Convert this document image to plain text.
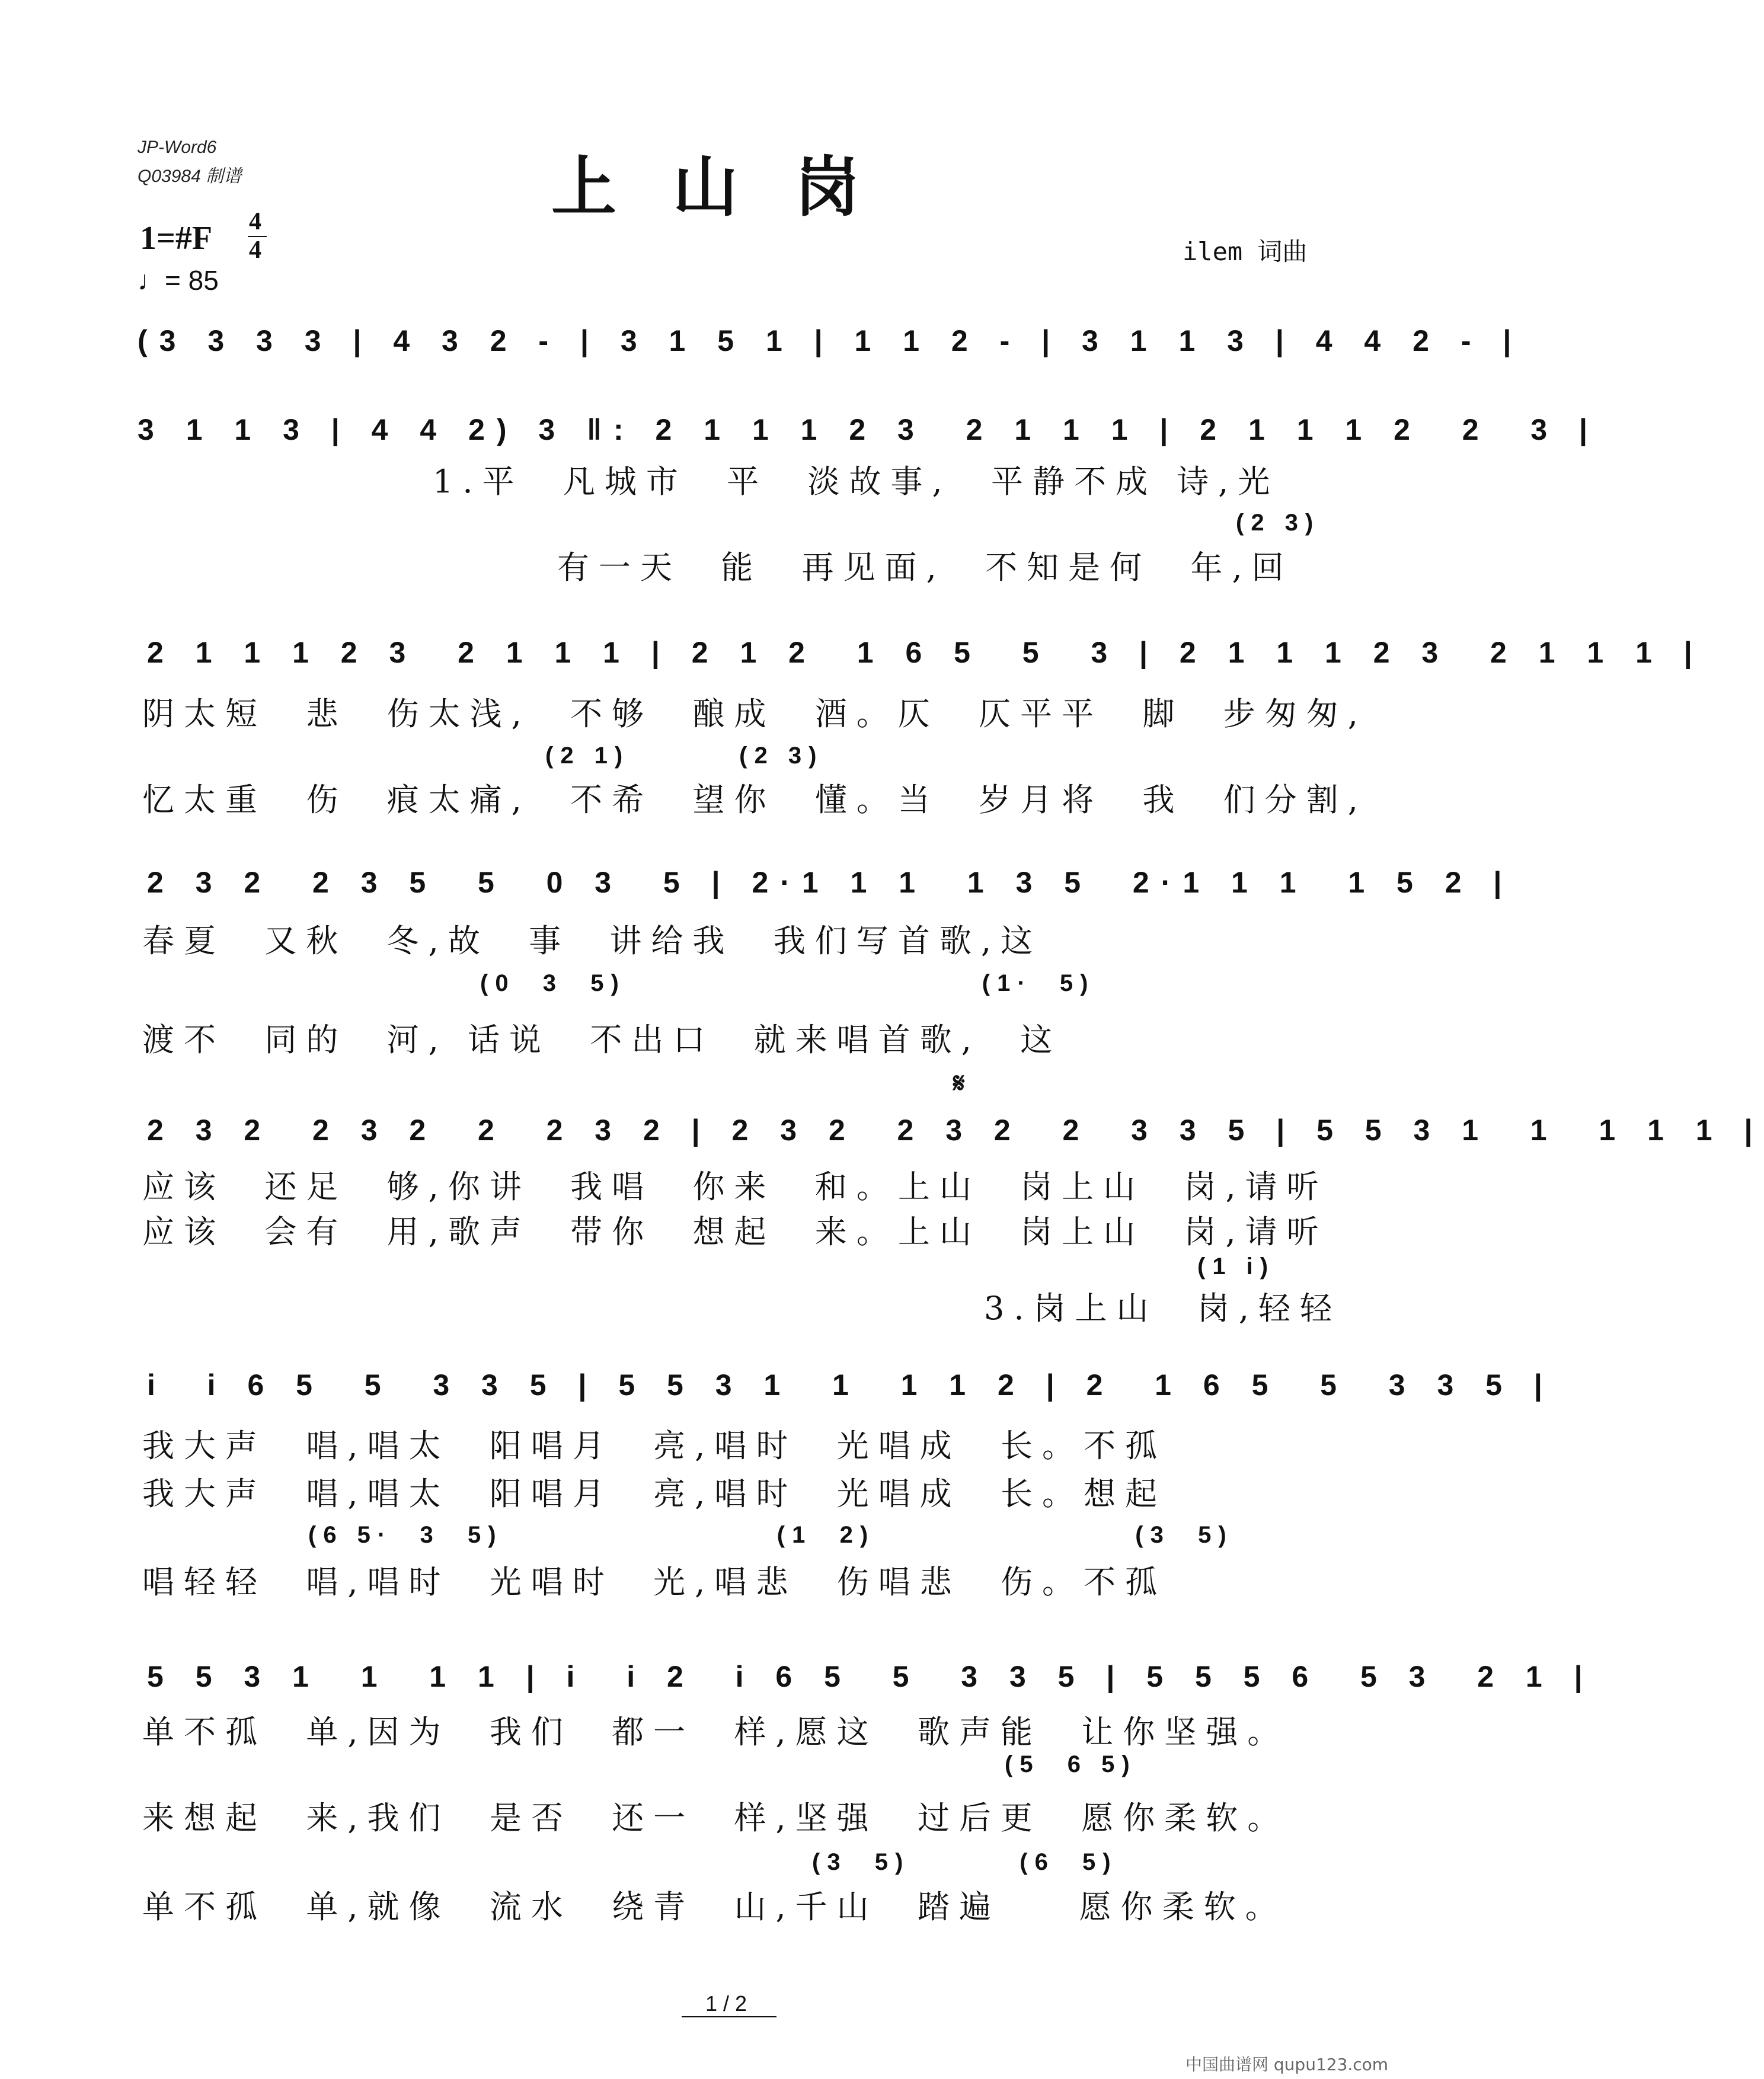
JP-Word6
Q03984 制谱	上山岗
1=#F 4
4
♩= 85
ilem 词曲
(3 3 3 3 | 4 3 2 - | 3 1 5 1 | 1 1 2 - | 3 1 1 3 | 4 4 2 - |
3 1 1 3 | 4 4 2) 3 ‖: 2 1 1 1 2 3  2 1 1 1 | 2 1 1 1 2  2  3 |
1.平  凡城市  平  淡故事,  平静不成 诗,光
(2 3)
有一天  能  再见面,  不知是何  年,回
2 1 1 1 2 3  2 1 1 1 | 2 1 2  1 6 5  5  3 | 2 1 1 1 2 3  2 1 1 1 |
阴太短  悲  伤太浅,  不够  酿成  酒。仄  仄平平  脚  步匆匆,
(2 1)        (2 3)
忆太重  伤  痕太痛,  不希  望你  懂。当  岁月将  我  们分割,
2 3 2  2 3 5  5  0 3  5 | 2·1 1 1  1 3 5  2·1 1 1  1 5 2 |
春夏  又秋  冬,故  事  讲给我  我们写首歌,这
(0  3  5)                          (1·  5)
渡不  同的  河, 话说  不出口  就来唱首歌,  这
𝄋
2 3 2  2 3 2  2  2 3 2 | 2 3 2  2 3 2  2  3 3 5 | 5 5 3 1  1  1 1 1 |
应该  还足  够,你讲  我唱  你来  和。上山  岗上山  岗,请听
应该  会有  用,歌声  带你  想起  来。上山  岗上山  岗,请听
(1 i)
3.岗上山  岗,轻轻
i  i 6 5  5  3 3 5 | 5 5 3 1  1  1 1 2 | 2  1 6 5  5  3 3 5 |
我大声  唱,唱太  阳唱月  亮,唱时  光唱成  长。不孤
我大声  唱,唱太  阳唱月  亮,唱时  光唱成  长。想起
(6 5·  3  5)                    (1  2)                   (3  5)
唱轻轻  唱,唱时  光唱时  光,唱悲  伤唱悲  伤。不孤
5 5 3 1  1  1 1 | i  i 2  i 6 5  5  3 3 5 | 5 5 5 6  5 3  2 1 |
单不孤  单,因为  我们  都一  样,愿这  歌声能  让你坚强。
(5  6 5)
来想起  来,我们  是否  还一  样,坚强  过后更  愿你柔软。
(3  5)        (6  5)
单不孤  单,就像  流水  绕青  山,千山  踏遍    愿你柔软。
1 / 2
中国曲谱网 qupu123.com
